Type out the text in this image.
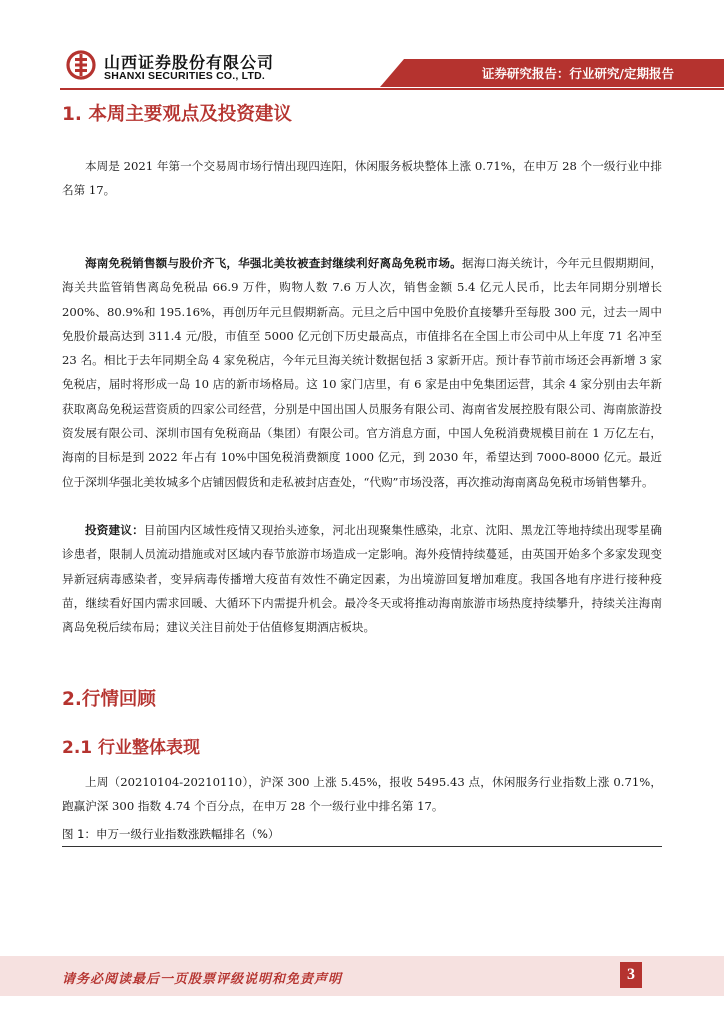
山西证券股份有限公司
SHANXI SECURITIES CO., LTD.	证券研究报告：行业研究/定期报告
1. 本周主要观点及投资建议

本周是 2021 年第一个交易周市场行情出现四连阳，休闲服务板块整体上涨 0.71%，在申万 28 个一级行业中排名第 17。

海南免税销售额与股价齐飞，华强北美妆被查封继续利好离岛免税市场。据海口海关统计，今年元旦假期期间，海关共监管销售离岛免税品 66.9 万件，购物人数 7.6 万人次，销售金额 5.4 亿元人民币，比去年同期分别增长 200%、80.9%和 195.16%，再创历年元旦假期新高。元旦之后中国中免股价直接攀升至每股 300 元，过去一周中免股价最高达到 311.4 元/股，市值至 5000 亿元创下历史最高点，市值排名在全国上市公司中从上年度 71 名冲至 23 名。相比于去年同期全岛 4 家免税店，今年元旦海关统计数据包括 3 家新开店。预计春节前市场还会再新增 3 家免税店，届时将形成一岛 10 店的新市场格局。这 10 家门店里，有 6 家是由中免集团运营，其余 4 家分别由去年新获取离岛免税运营资质的四家公司经营，分别是中国出国人员服务有限公司、海南省发展控股有限公司、海南旅游投资发展有限公司、深圳市国有免税商品（集团）有限公司。官方消息方面，中国人免税消费规模目前在 1 万亿左右，海南的目标是到 2022 年占有 10%中国免税消费额度 1000 亿元，到 2030 年，希望达到 7000-8000 亿元。最近位于深圳华强北美妆城多个店铺因假货和走私被封店查处，“代购”市场没落，再次推动海南离岛免税市场销售攀升。

投资建议：目前国内区域性疫情又现抬头迹象，河北出现聚集性感染，北京、沈阳、黑龙江等地持续出现零星确诊患者，限制人员流动措施或对区域内春节旅游市场造成一定影响。海外疫情持续蔓延，由英国开始多个多家发现变异新冠病毒感染者，变异病毒传播增大疫苗有效性不确定因素，为出境游回复增加难度。我国各地有序进行接种疫苗，继续看好国内需求回暖、大循环下内需提升机会。最冷冬天或将推动海南旅游市场热度持续攀升，持续关注海南离岛免税后续布局；建议关注目前处于估值修复期酒店板块。

2.行情回顾
2.1 行业整体表现

上周（20210104-20210110），沪深 300 上涨 5.45%，报收 5495.43 点，休闲服务行业指数上涨 0.71%，跑赢沪深 300 指数 4.74 个百分点，在申万 28 个一级行业中排名第 17。

图 1：申万一级行业指数涨跌幅排名（%）
请务必阅读最后一页股票评级说明和免责声明	3
